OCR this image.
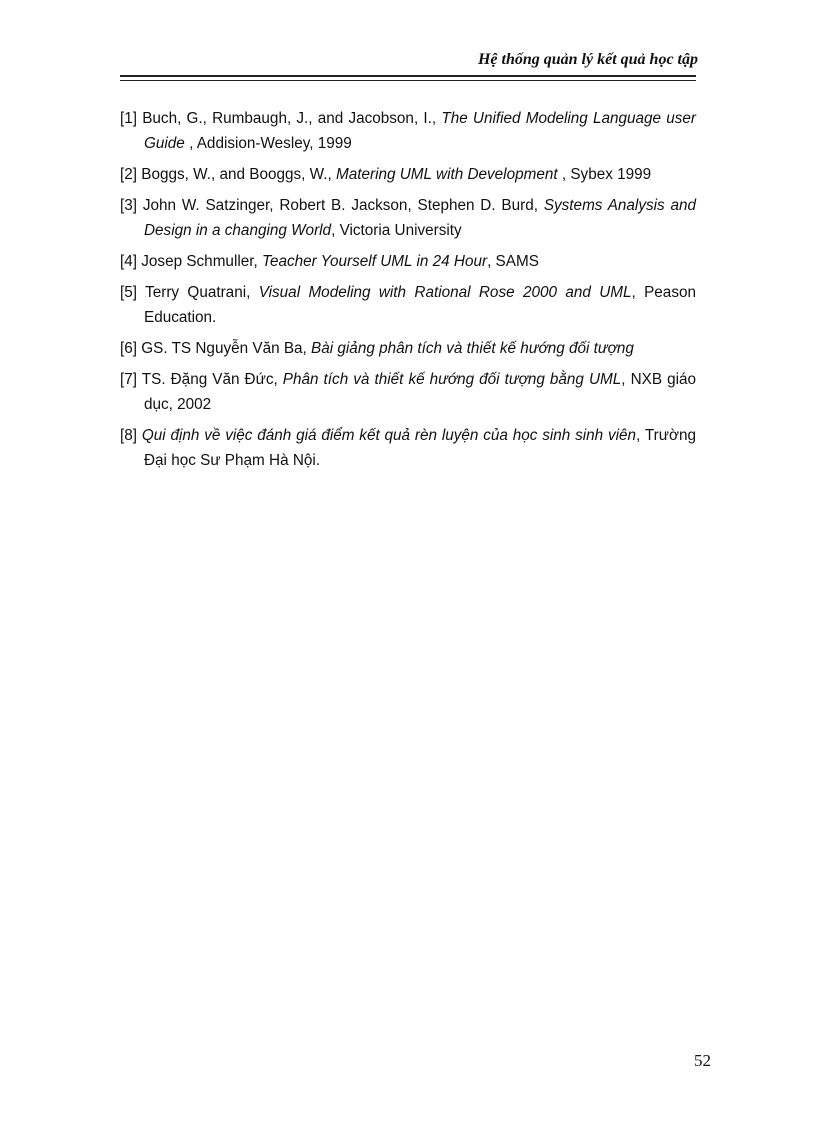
Hệ thống quản lý kết quả học tập
[1] Buch, G., Rumbaugh, J., and Jacobson, I., The Unified Modeling Language user Guide , Addision-Wesley, 1999
[2] Boggs, W., and Booggs, W., Matering UML with Development , Sybex 1999
[3] John W. Satzinger, Robert B. Jackson, Stephen D. Burd, Systems Analysis and Design in a changing World, Victoria University
[4] Josep Schmuller, Teacher Yourself UML in 24 Hour, SAMS
[5] Terry Quatrani, Visual Modeling with Rational Rose 2000 and UML, Peason Education.
[6] GS. TS Nguyễn Văn Ba, Bài giảng phân tích và thiết kế hướng đối tượng
[7] TS. Đặng Văn Đức, Phân tích và thiết kế hướng đối tượng bằng UML, NXB giáo dục, 2002
[8] Qui định về việc đánh giá điểm kết quả rèn luyện của học sinh sinh viên, Trường Đại học Sư Phạm Hà Nội.
52
